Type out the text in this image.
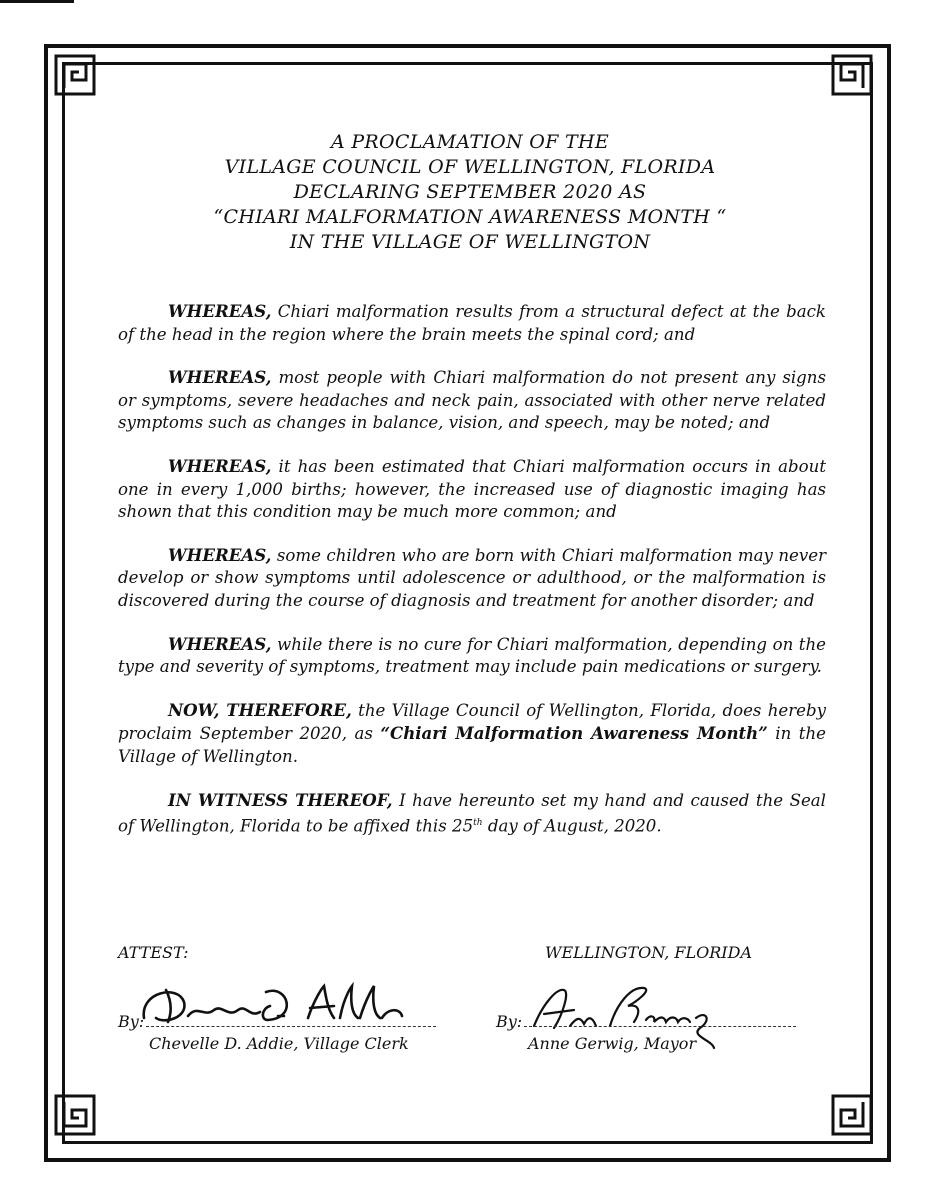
A PROCLAMATION OF THE
VILLAGE COUNCIL OF WELLINGTON, FLORIDA
DECLARING SEPTEMBER 2020 AS
“CHIARI MALFORMATION AWARENESS MONTH “
IN THE VILLAGE OF WELLINGTON

WHEREAS, Chiari malformation results from a structural defect at the back of the head in the region where the brain meets the spinal cord; and

WHEREAS, most people with Chiari malformation do not present any signs or symptoms, severe headaches and neck pain, associated with other nerve related symptoms such as changes in balance, vision, and speech, may be noted; and

WHEREAS, it has been estimated that Chiari malformation occurs in about one in every 1,000 births; however, the increased use of diagnostic imaging has shown that this condition may be much more common; and

WHEREAS, some children who are born with Chiari malformation may never develop or show symptoms until adolescence or adulthood, or the malformation is discovered during the course of diagnosis and treatment for another disorder; and

WHEREAS, while there is no cure for Chiari malformation, depending on the type and severity of symptoms, treatment may include pain medications or surgery.

NOW, THEREFORE, the Village Council of Wellington, Florida, does hereby proclaim September 2020, as “Chiari Malformation Awareness Month” in the Village of Wellington.

IN WITNESS THEREOF, I have hereunto set my hand and caused the Seal of Wellington, Florida to be affixed this 25th day of August, 2020.

ATTEST:	WELLINGTON, FLORIDA
By:	By:
Chevelle D. Addie, Village Clerk	Anne Gerwig, Mayor
